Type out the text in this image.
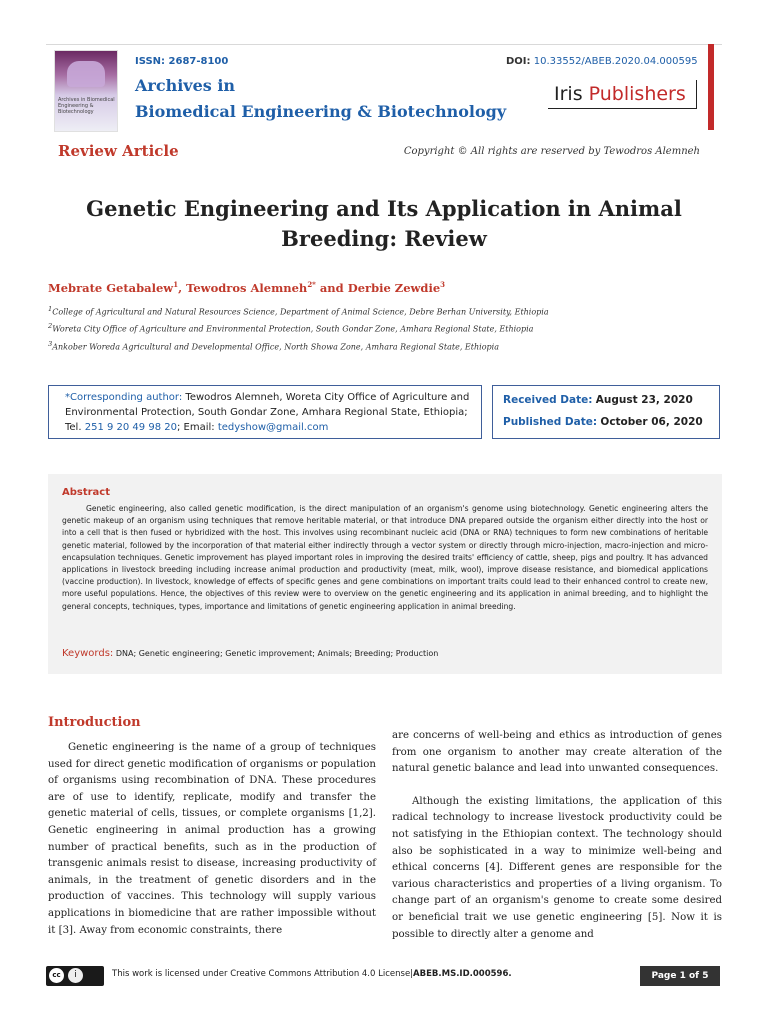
Archives in Biomedical Engineering & Biotechnology
ISSN: 2687-8100
Archives in
Biomedical Engineering & Biotechnology
DOI: 10.33552/ABEB.2020.04.000595
Iris Publishers
Review Article	Copyright © All rights are reserved by Tewodros Alemneh
Genetic Engineering and Its Application in Animal Breeding: Review
Mebrate Getabalew$^1$, Tewodros Alemneh$^{2*}$ and Derbie Zewdie$^3$
$^1$College of Agricultural and Natural Resources Science, Department of Animal Science, Debre Berhan University, Ethiopia
$^2$Woreta City Office of Agriculture and Environmental Protection, South Gondar Zone, Amhara Regional State, Ethiopia
$^3$Ankober Woreda Agricultural and Developmental Office, North Showa Zone, Amhara Regional State, Ethiopia
*Corresponding author: Tewodros Alemneh, Woreta City Office of Agriculture and Environmental Protection, South Gondar Zone, Amhara Regional State, Ethiopia; Tel. 251 9 20 49 98 20; Email: tedyshow@gmail.com
Received Date: August 23, 2020
Published Date: October 06, 2020
Abstract
Genetic engineering, also called genetic modification, is the direct manipulation of an organism's genome using biotechnology. Genetic engineering alters the genetic makeup of an organism using techniques that remove heritable material, or that introduce DNA prepared outside the organism either directly into the host or into a cell that is then fused or hybridized with the host. This involves using recombinant nucleic acid (DNA or RNA) techniques to form new combinations of heritable genetic material, followed by the incorporation of that material either indirectly through a vector system or directly through micro-injection, macro-injection and micro-encapsulation techniques. Genetic improvement has played important roles in improving the desired traits' efficiency of cattle, sheep, pigs and poultry. It has advanced applications in livestock breeding including increase animal production and productivity (meat, milk, wool), improve disease resistance, and biomedical applications (vaccine production). In livestock, knowledge of effects of specific genes and gene combinations on important traits could lead to their enhanced control to create new, more useful populations. Hence, the objectives of this review were to overview on the genetic engineering and its application in animal breeding, and to highlight the general concepts, techniques, types, importance and limitations of genetic engineering application in animal breeding.
Keywords: DNA; Genetic engineering; Genetic improvement; Animals; Breeding; Production
Introduction

Genetic engineering is the name of a group of techniques used for direct genetic modification of organisms or population of organisms using recombination of DNA. These procedures are of use to identify, replicate, modify and transfer the genetic material of cells, tissues, or complete organisms [1,2]. Genetic engineering in animal production has a growing number of practical benefits, such as in the production of transgenic animals resist to disease, increasing productivity of animals, in the treatment of genetic disorders and in the production of vaccines. This technology will supply various applications in biomedicine that are rather impossible without it [3]. Away from economic constraints, there

are concerns of well-being and ethics as introduction of genes from one organism to another may create alteration of the natural genetic balance and lead into unwanted consequences.

Although the existing limitations, the application of this radical technology to increase livestock productivity could be not satisfying in the Ethiopian context. The technology should also be sophisticated in a way to minimize well-being and ethical concerns [4]. Different genes are responsible for the various characteristics and properties of a living organism. To change part of an organism's genome to create some desired or beneficial trait we use genetic engineering [5]. Now it is possible to directly alter a genome and

cc	i	This work is licensed under Creative Commons Attribution 4.0 License|ABEB.MS.ID.000596.	Page 1 of 5
